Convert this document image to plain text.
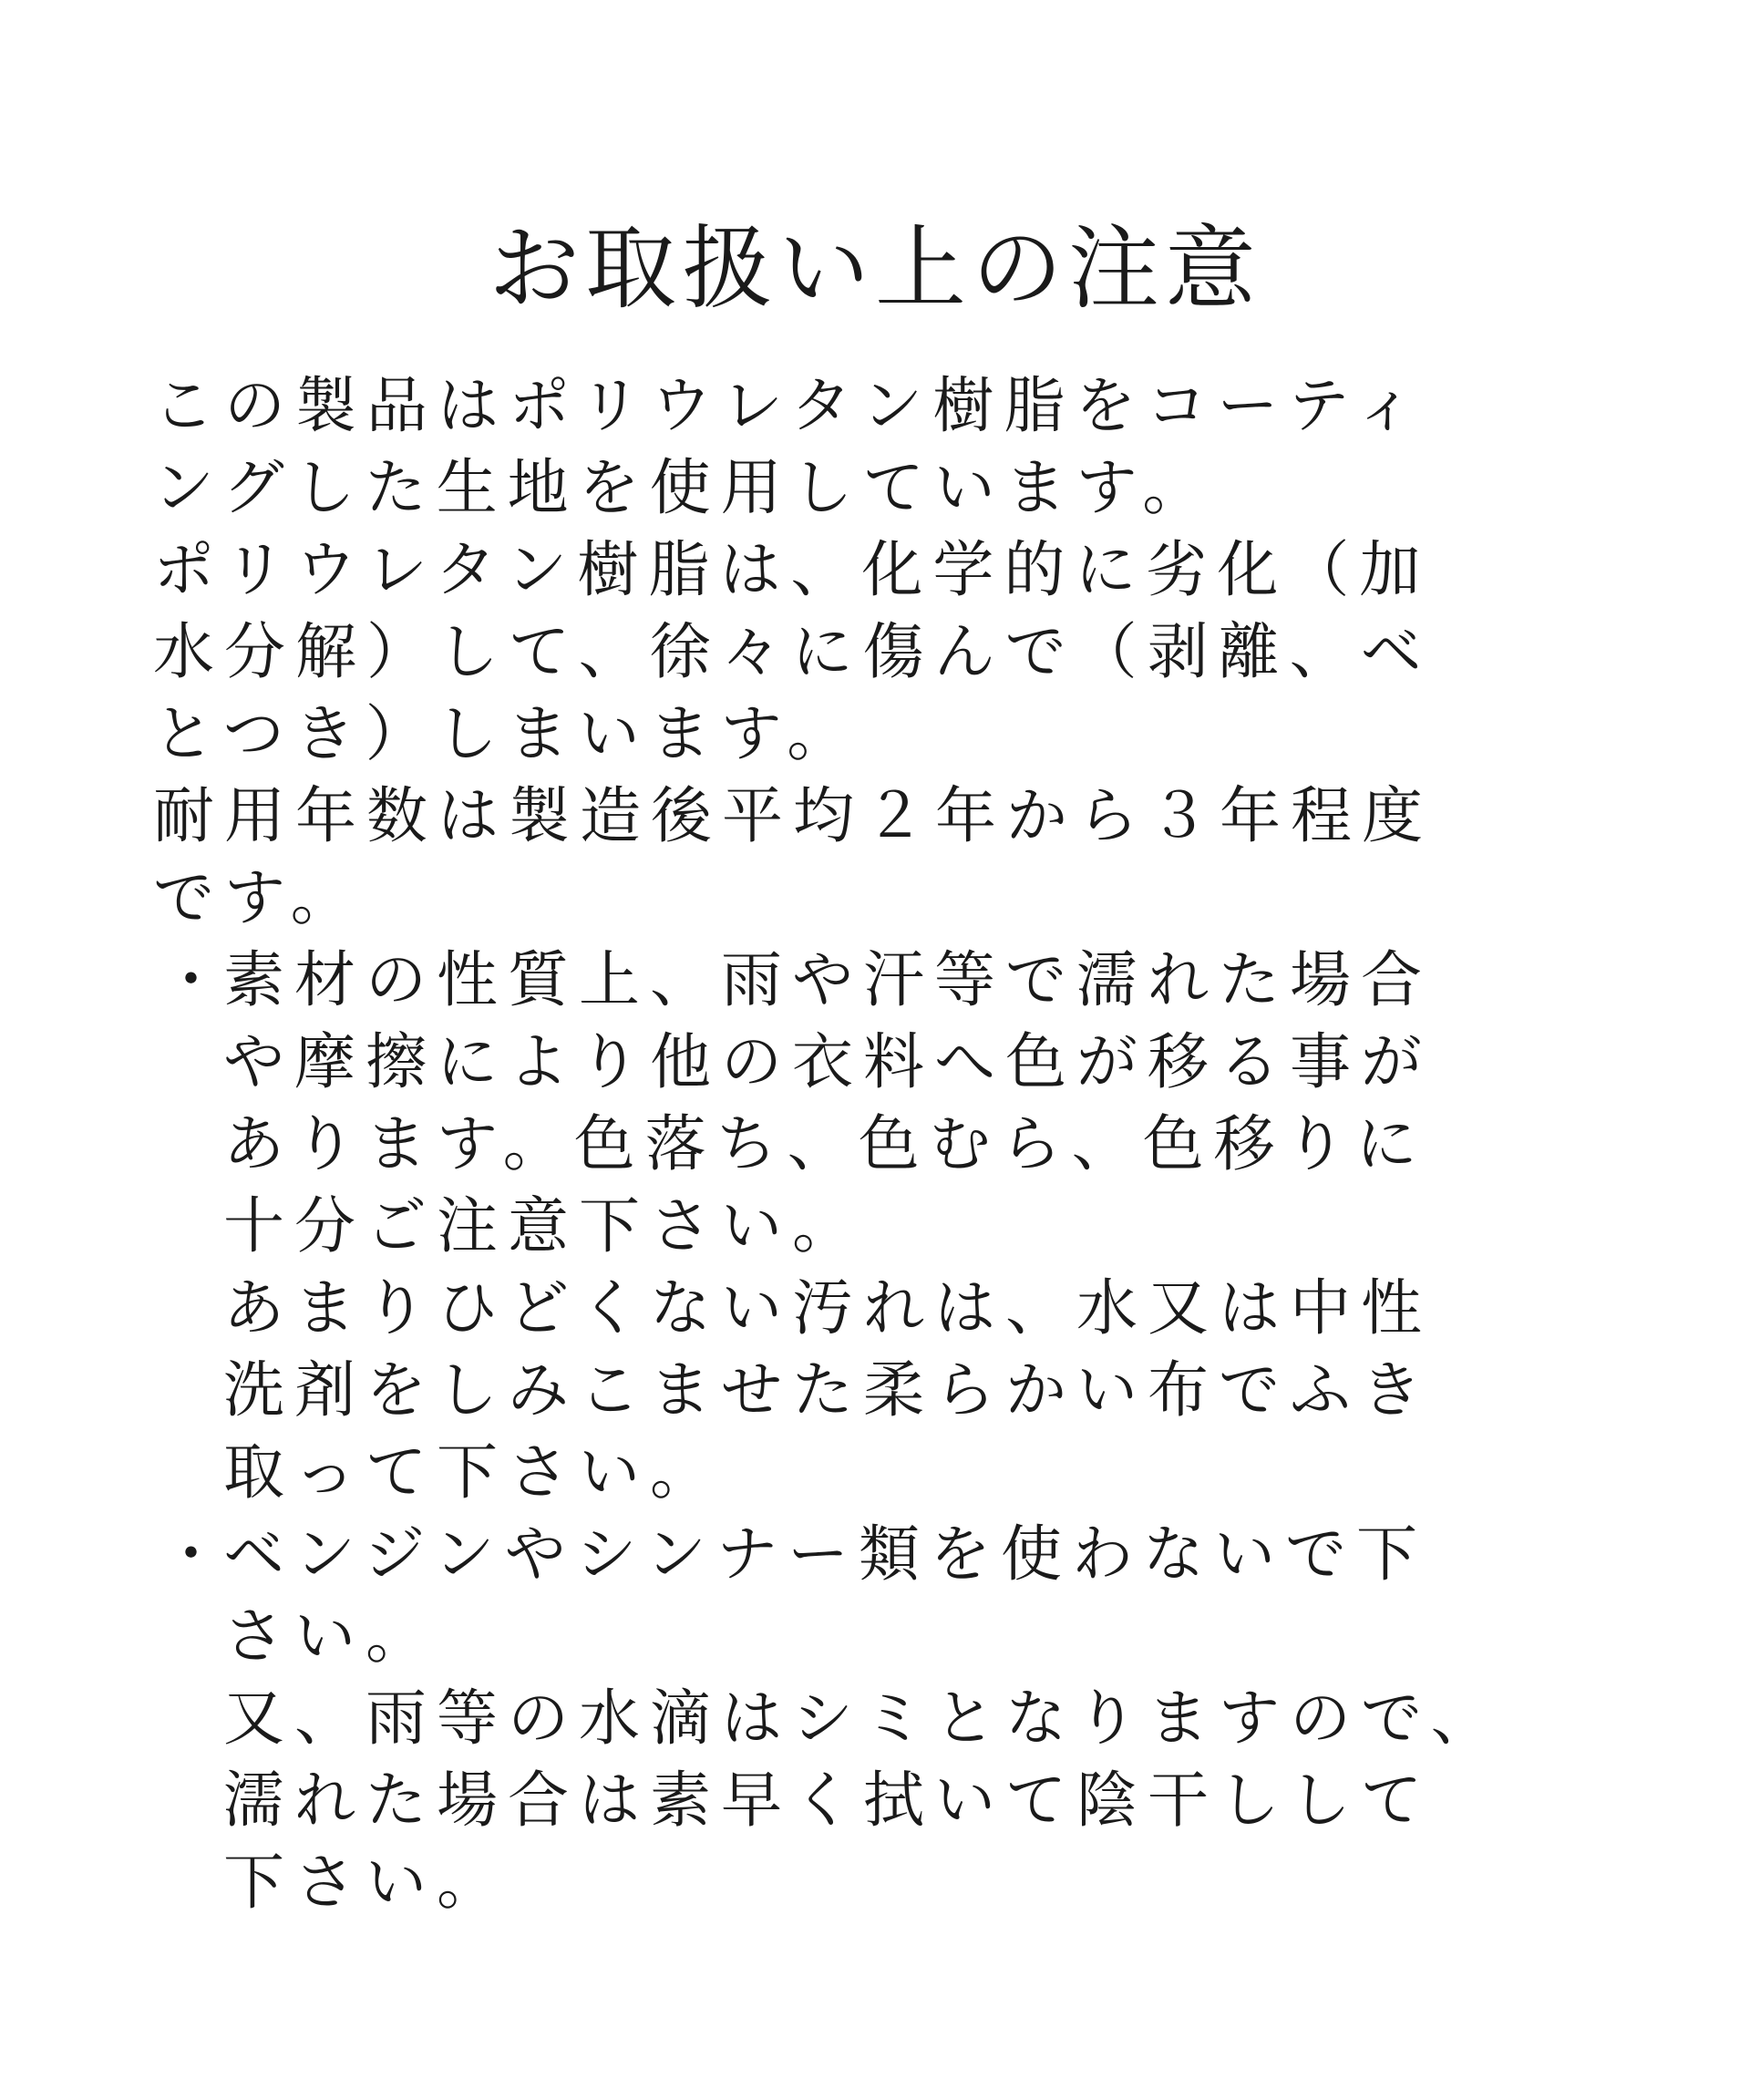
お取扱い上の注意

この製品はポリウレタン樹脂をコーティ

ングした生地を使用しています。

ポリウレタン樹脂は、化学的に劣化（加

水分解）して、徐々に傷んで（剥離、ベ

とつき）しまいます。

耐用年数は製造後平均２年から３年程度

です。

・ 素材の性質上、雨や汗等で濡れた場合

や摩擦により他の衣料へ色が移る事が

あります。色落ち、色むら、色移りに

十分ご注意下さい。

あまりひどくない汚れは、水又は中性

洗剤をしみこませた柔らかい布でふき

取って下さい。

・ ベンジンやシンナー類を使わないで下

さい。

又、雨等の水滴はシミとなりますので、

濡れた場合は素早く拭いて陰干しして

下さい。
